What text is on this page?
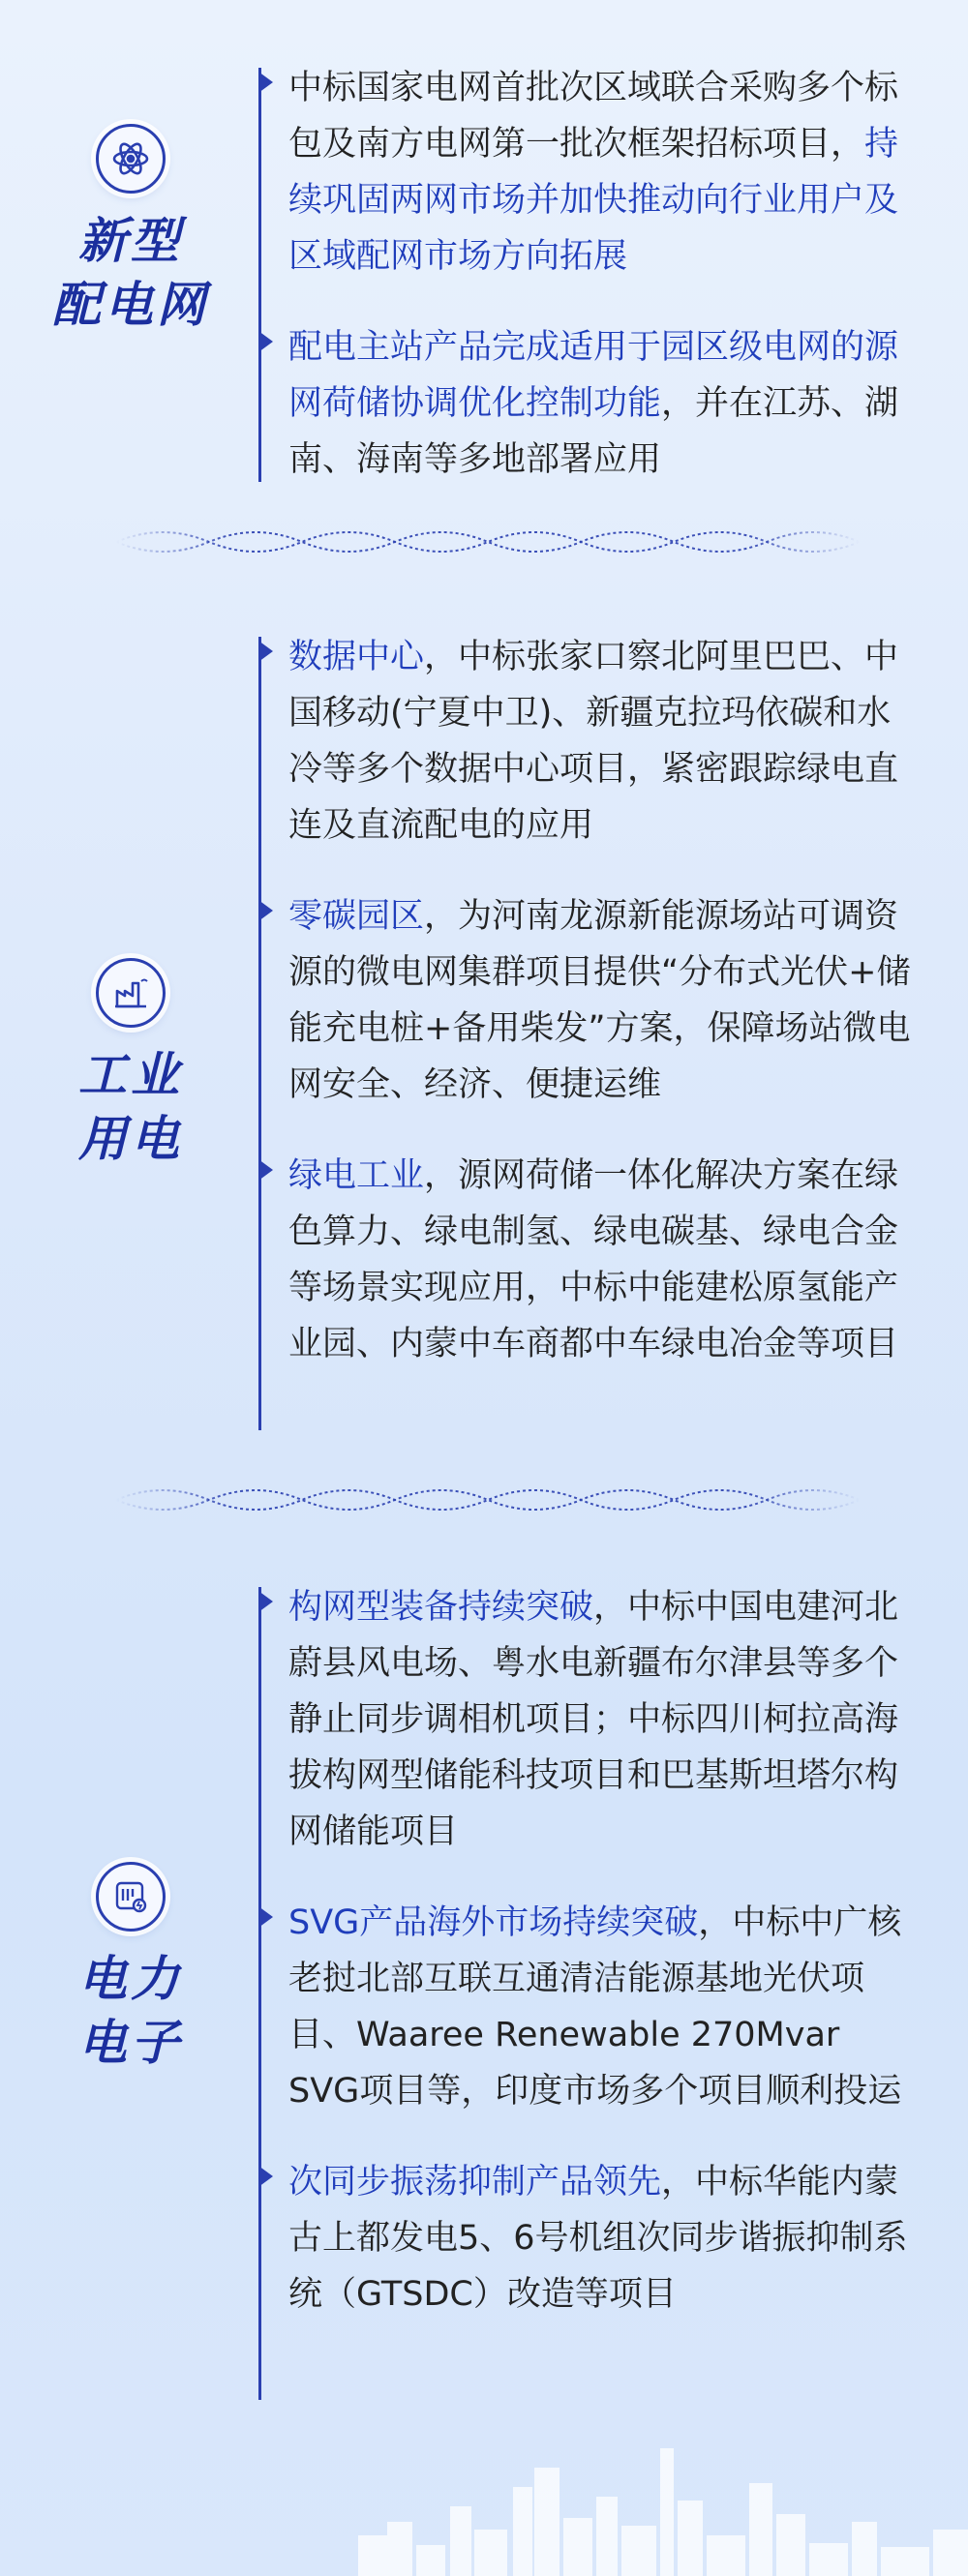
新型
配电网
中标国家电网首批次区域联合采购多个标包及南方电网第一批次框架招标项目，持续巩固两网市场并加快推动向行业用户及区域配网市场方向拓展
配电主站产品完成适用于园区级电网的源网荷储协调优化控制功能，并在江苏、湖南、海南等多地部署应用
工业
用电
数据中心，中标张家口察北阿里巴巴、中国移动(宁夏中卫)、新疆克拉玛依碳和水冷等多个数据中心项目，紧密跟踪绿电直连及直流配电的应用
零碳园区，为河南龙源新能源场站可调资源的微电网集群项目提供“分布式光伏+储能充电桩+备用柴发”方案，保障场站微电网安全、经济、便捷运维
绿电工业，源网荷储一体化解决方案在绿色算力、绿电制氢、绿电碳基、绿电合金等场景实现应用，中标中能建松原氢能产业园、内蒙中车商都中车绿电冶金等项目
电力
电子
构网型装备持续突破，中标中国电建河北蔚县风电场、粤水电新疆布尔津县等多个静止同步调相机项目；中标四川柯拉高海拔构网型储能科技项目和巴基斯坦塔尔构网储能项目
SVG产品海外市场持续突破，中标中广核老挝北部互联互通清洁能源基地光伏项目、Waaree Renewable 270Mvar SVG项目等，印度市场多个项目顺利投运
次同步振荡抑制产品领先，中标华能内蒙古上都发电5、6号机组次同步谐振抑制系统（GTSDC）改造等项目
